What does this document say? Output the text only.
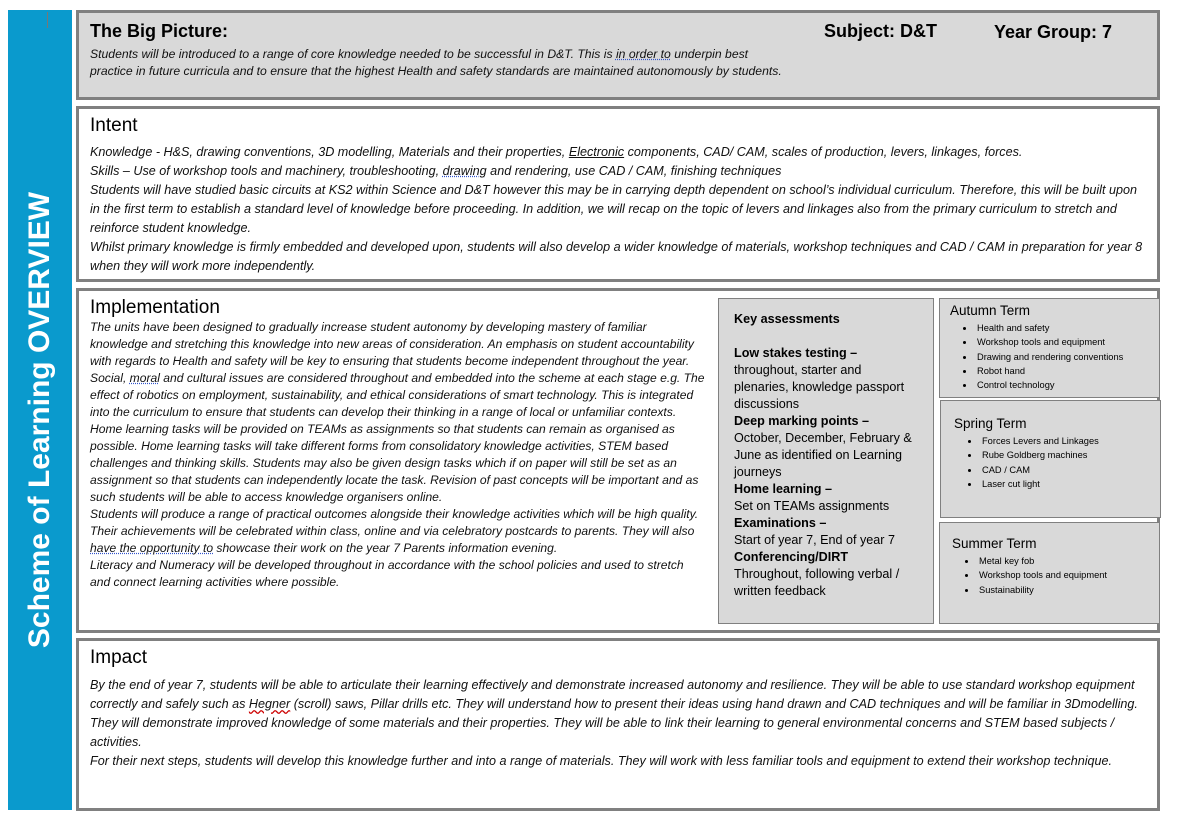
Scheme of Learning OVERVIEW
The Big Picture:	Subject: D&T	Year Group: 7
Students will be introduced to a range of core knowledge needed to be successful in D&T. This is in order to underpin best practice in future curricula and to ensure that the highest Health and safety standards are maintained autonomously by students.
Intent

Knowledge - H&S, drawing conventions, 3D modelling, Materials and their properties, Electronic components, CAD/ CAM, scales of production, levers, linkages, forces.

Skills – Use of workshop tools and machinery, troubleshooting, drawing and rendering, use CAD / CAM, finishing techniques

Students will have studied basic circuits at KS2 within Science and D&T however this may be in carrying depth dependent on school’s individual curriculum. Therefore, this will be built upon in the first term to establish a standard level of knowledge before proceeding. In addition, we will recap on the topic of levers and linkages also from the primary curriculum to stretch and reinforce student knowledge.

Whilst primary knowledge is firmly embedded and developed upon, students will also develop a wider knowledge of materials, workshop techniques and CAD / CAM in preparation for year 8 when they will work more independently.

Implementation

The units have been designed to gradually increase student autonomy by developing mastery of familiar knowledge and stretching this knowledge into new areas of consideration. An emphasis on student accountability with regards to Health and safety will be key to ensuring that students become independent throughout the year.

Social, moral and cultural issues are considered throughout and embedded into the scheme at each stage e.g. The effect of robotics on employment, sustainability, and ethical considerations of smart technology. This is integrated into the curriculum to ensure that students can develop their thinking in a range of local or unfamiliar contexts.

Home learning tasks will be provided on TEAMs as assignments so that students can remain as organised as possible. Home learning tasks will take different forms from consolidatory knowledge activities, STEM based challenges and thinking skills. Students may also be given design tasks which if on paper will still be set as an assignment so that students can independently locate the task. Revision of past concepts will be important and as such students will be able to access knowledge organisers online.

Students will produce a range of practical outcomes alongside their knowledge activities which will be high quality. Their achievements will be celebrated within class, online and via celebratory postcards to parents. They will also have the opportunity to showcase their work on the year 7 Parents information evening.

Literacy and Numeracy will be developed throughout in accordance with the school policies and used to stretch and connect learning activities where possible.

Key assessments
Low stakes testing –
throughout, starter and plenaries, knowledge passport discussions
Deep marking points –
October, December, February & June as identified on Learning journeys
Home learning –
Set on TEAMs assignments
Examinations –
Start of year 7, End of year 7
Conferencing/DIRT
Throughout, following verbal / written feedback
Autumn Term
• Health and safety
• Workshop tools and equipment
• Drawing and rendering conventions
• Robot hand
• Control technology
Spring Term
• Forces Levers and Linkages
• Rube Goldberg machines
• CAD / CAM
• Laser cut light
Summer Term
• Metal key fob
• Workshop tools and equipment
• Sustainability
Impact

By the end of year 7, students will be able to articulate their learning effectively and demonstrate increased autonomy and resilience. They will be able to use standard workshop equipment correctly and safely such as Hegner (scroll) saws, Pillar drills etc. They will understand how to present their ideas using hand drawn and CAD techniques and will be familiar in 3Dmodelling. They will demonstrate improved knowledge of some materials and their properties. They will be able to link their learning to general environmental concerns and STEM based subjects / activities.

For their next steps, students will develop this knowledge further and into a range of materials. They will work with less familiar tools and equipment to extend their workshop technique.
